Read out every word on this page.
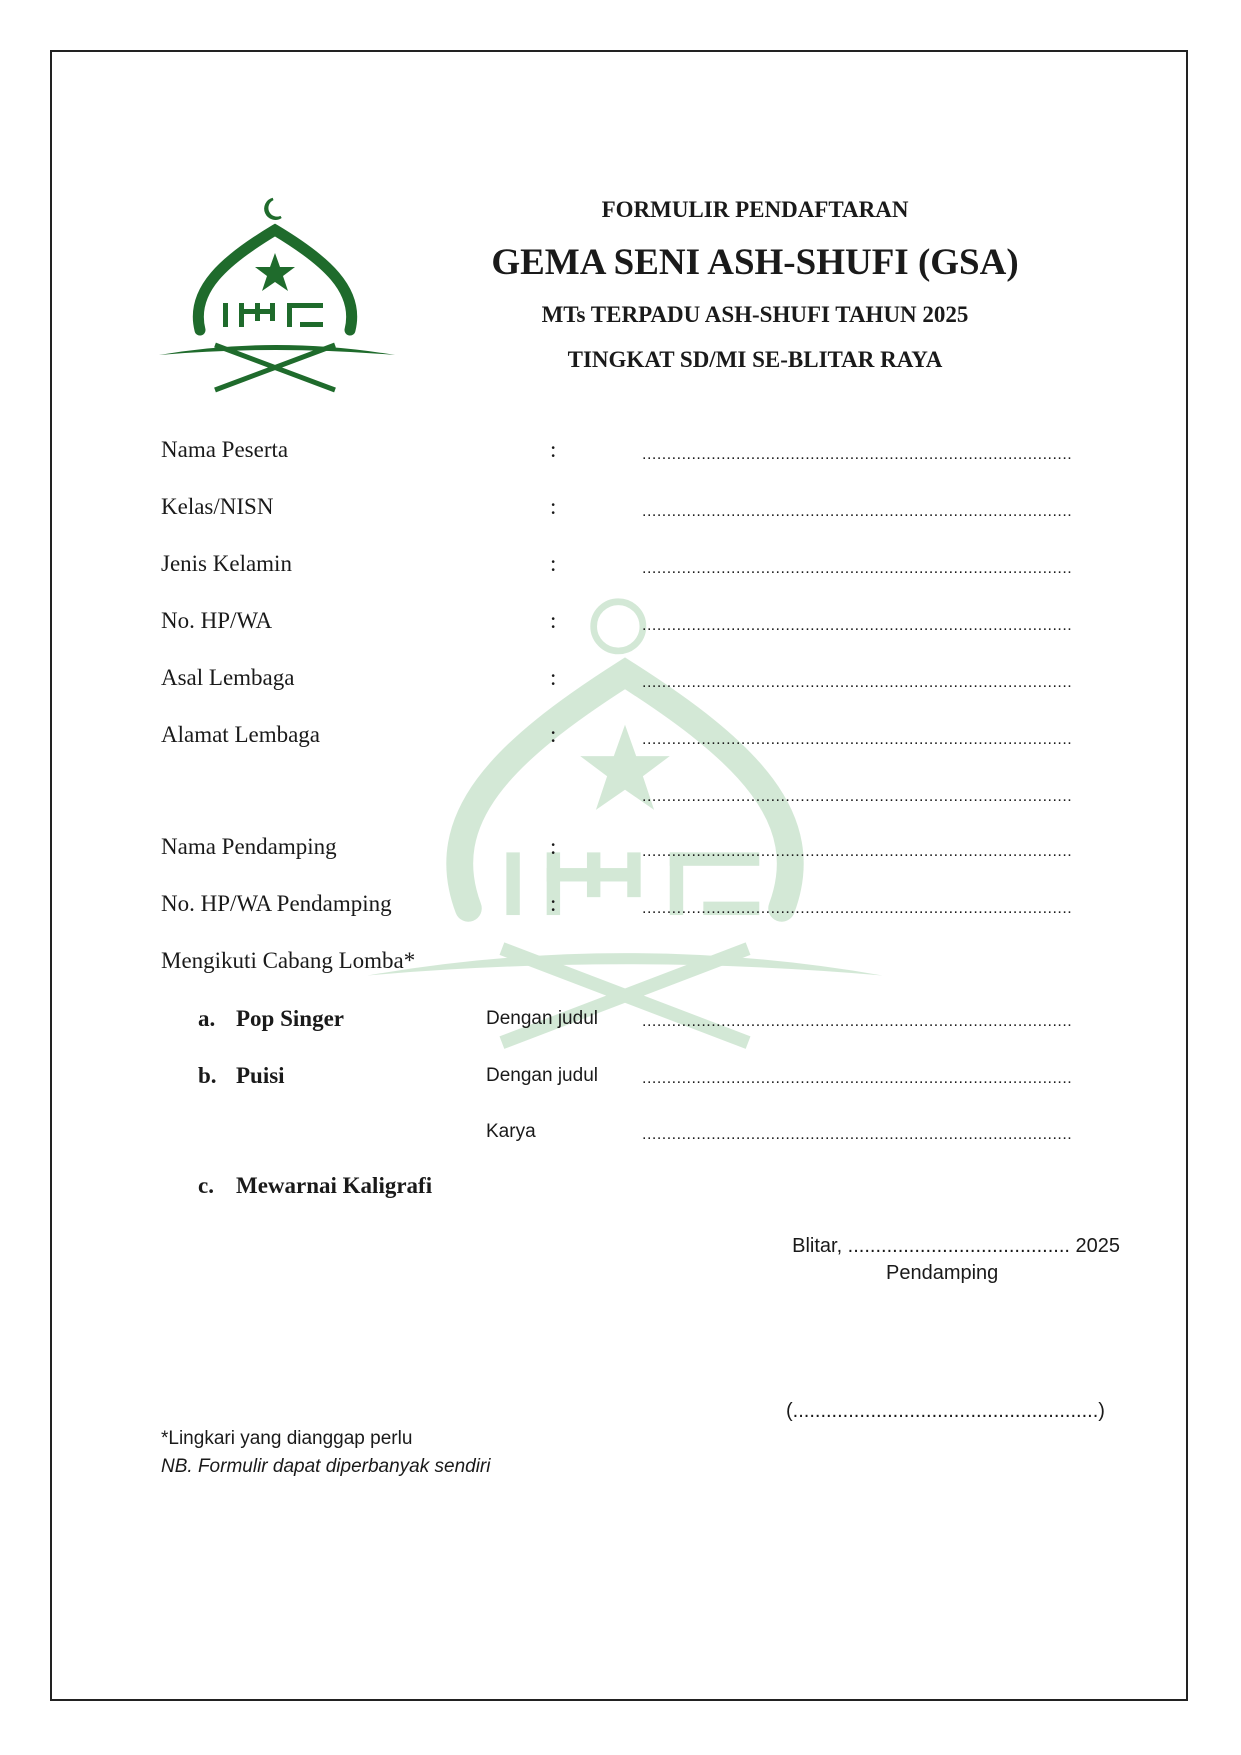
FORMULIR PENDAFTARAN
GEMA SENI ASH-SHUFI (GSA)
MTs TERPADU ASH-SHUFI TAHUN 2025
TINGKAT SD/MI SE-BLITAR RAYA
Nama Peserta	:	.......................................................................................
Kelas/NISN	:	.......................................................................................
Jenis Kelamin	:	.......................................................................................
No. HP/WA	:	.......................................................................................
Asal Lembaga	:	.......................................................................................
Alamat Lembaga	:	.......................................................................................
.......................................................................................
Nama Pendamping	:	.......................................................................................
No. HP/WA Pendamping	:	.......................................................................................
Mengikuti Cabang Lomba*
a. Pop Singer	Dengan judul	.......................................................................................
b. Puisi	Dengan judul	.......................................................................................
Karya	.......................................................................................
c. Mewarnai Kaligrafi
Blitar, ........................................ 2025
Pendamping
(.......................................................)
*Lingkari yang dianggap perlu
NB. Formulir dapat diperbanyak sendiri
